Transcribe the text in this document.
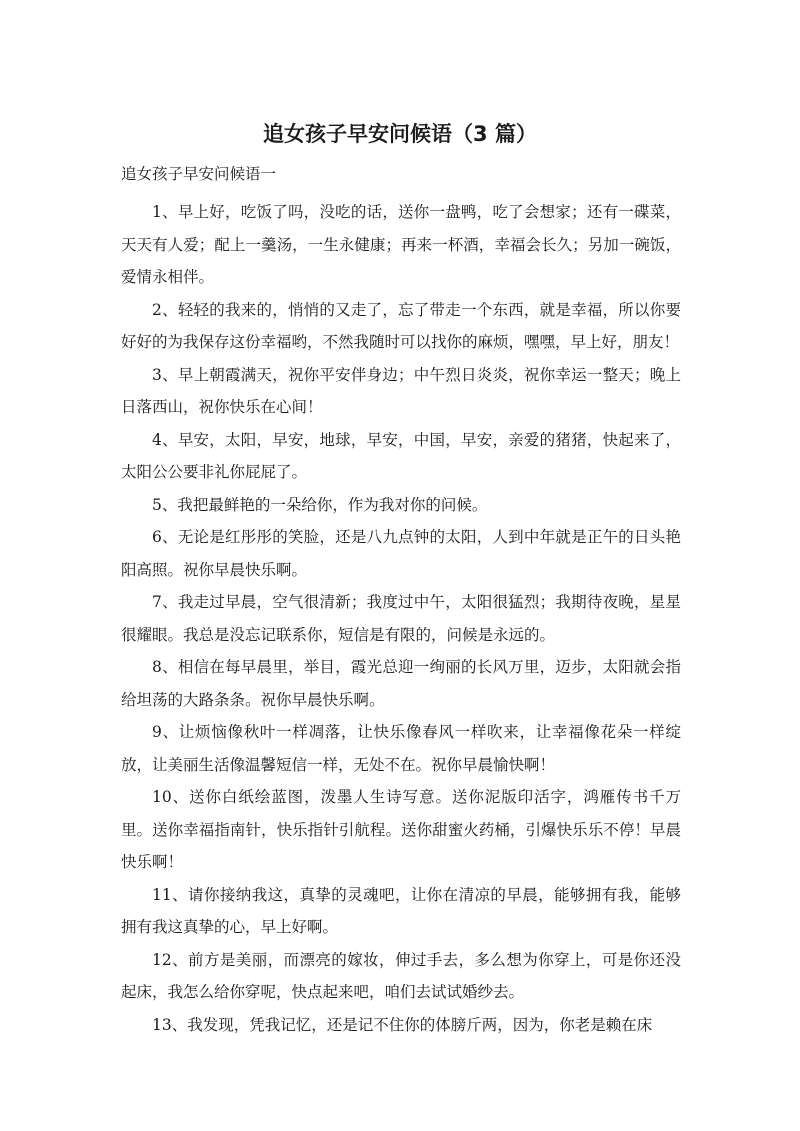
追女孩子早安问候语（3 篇）

追女孩子早安问候语一

1、早上好，吃饭了吗，没吃的话，送你一盘鸭，吃了会想家；还有一碟菜，天天有人爱；配上一羹汤，一生永健康；再来一杯酒，幸福会长久；另加一碗饭，爱情永相伴。

2、轻轻的我来的，悄悄的又走了，忘了带走一个东西，就是幸福，所以你要好好的为我保存这份幸福哟，不然我随时可以找你的麻烦，嘿嘿，早上好，朋友！

3、早上朝霞满天，祝你平安伴身边；中午烈日炎炎，祝你幸运一整天；晚上日落西山，祝你快乐在心间！

4、早安，太阳，早安，地球，早安，中国，早安，亲爱的猪猪，快起来了，太阳公公要非礼你屁屁了。

5、我把最鲜艳的一朵给你，作为我对你的问候。

6、无论是红彤彤的笑脸，还是八九点钟的太阳，人到中年就是正午的日头艳阳高照。祝你早晨快乐啊。

7、我走过早晨，空气很清新；我度过中午，太阳很猛烈；我期待夜晚，星星很耀眼。我总是没忘记联系你，短信是有限的，问候是永远的。

8、相信在每早晨里，举目，霞光总迎一绚丽的长风万里，迈步，太阳就会指给坦荡的大路条条。祝你早晨快乐啊。

9、让烦恼像秋叶一样凋落，让快乐像春风一样吹来，让幸福像花朵一样绽放，让美丽生活像温馨短信一样，无处不在。祝你早晨愉快啊！

10、送你白纸绘蓝图，泼墨人生诗写意。送你泥版印活字，鸿雁传书千万里。送你幸福指南针，快乐指针引航程。送你甜蜜火药桶，引爆快乐乐不停！早晨快乐啊！

11、请你接纳我这，真挚的灵魂吧，让你在清凉的早晨，能够拥有我，能够拥有我这真挚的心，早上好啊。

12、前方是美丽，而漂亮的嫁妆，伸过手去，多么想为你穿上，可是你还没起床，我怎么给你穿呢，快点起来吧，咱们去试试婚纱去。

13、我发现，凭我记忆，还是记不住你的体膀斤两，因为，你老是赖在床
